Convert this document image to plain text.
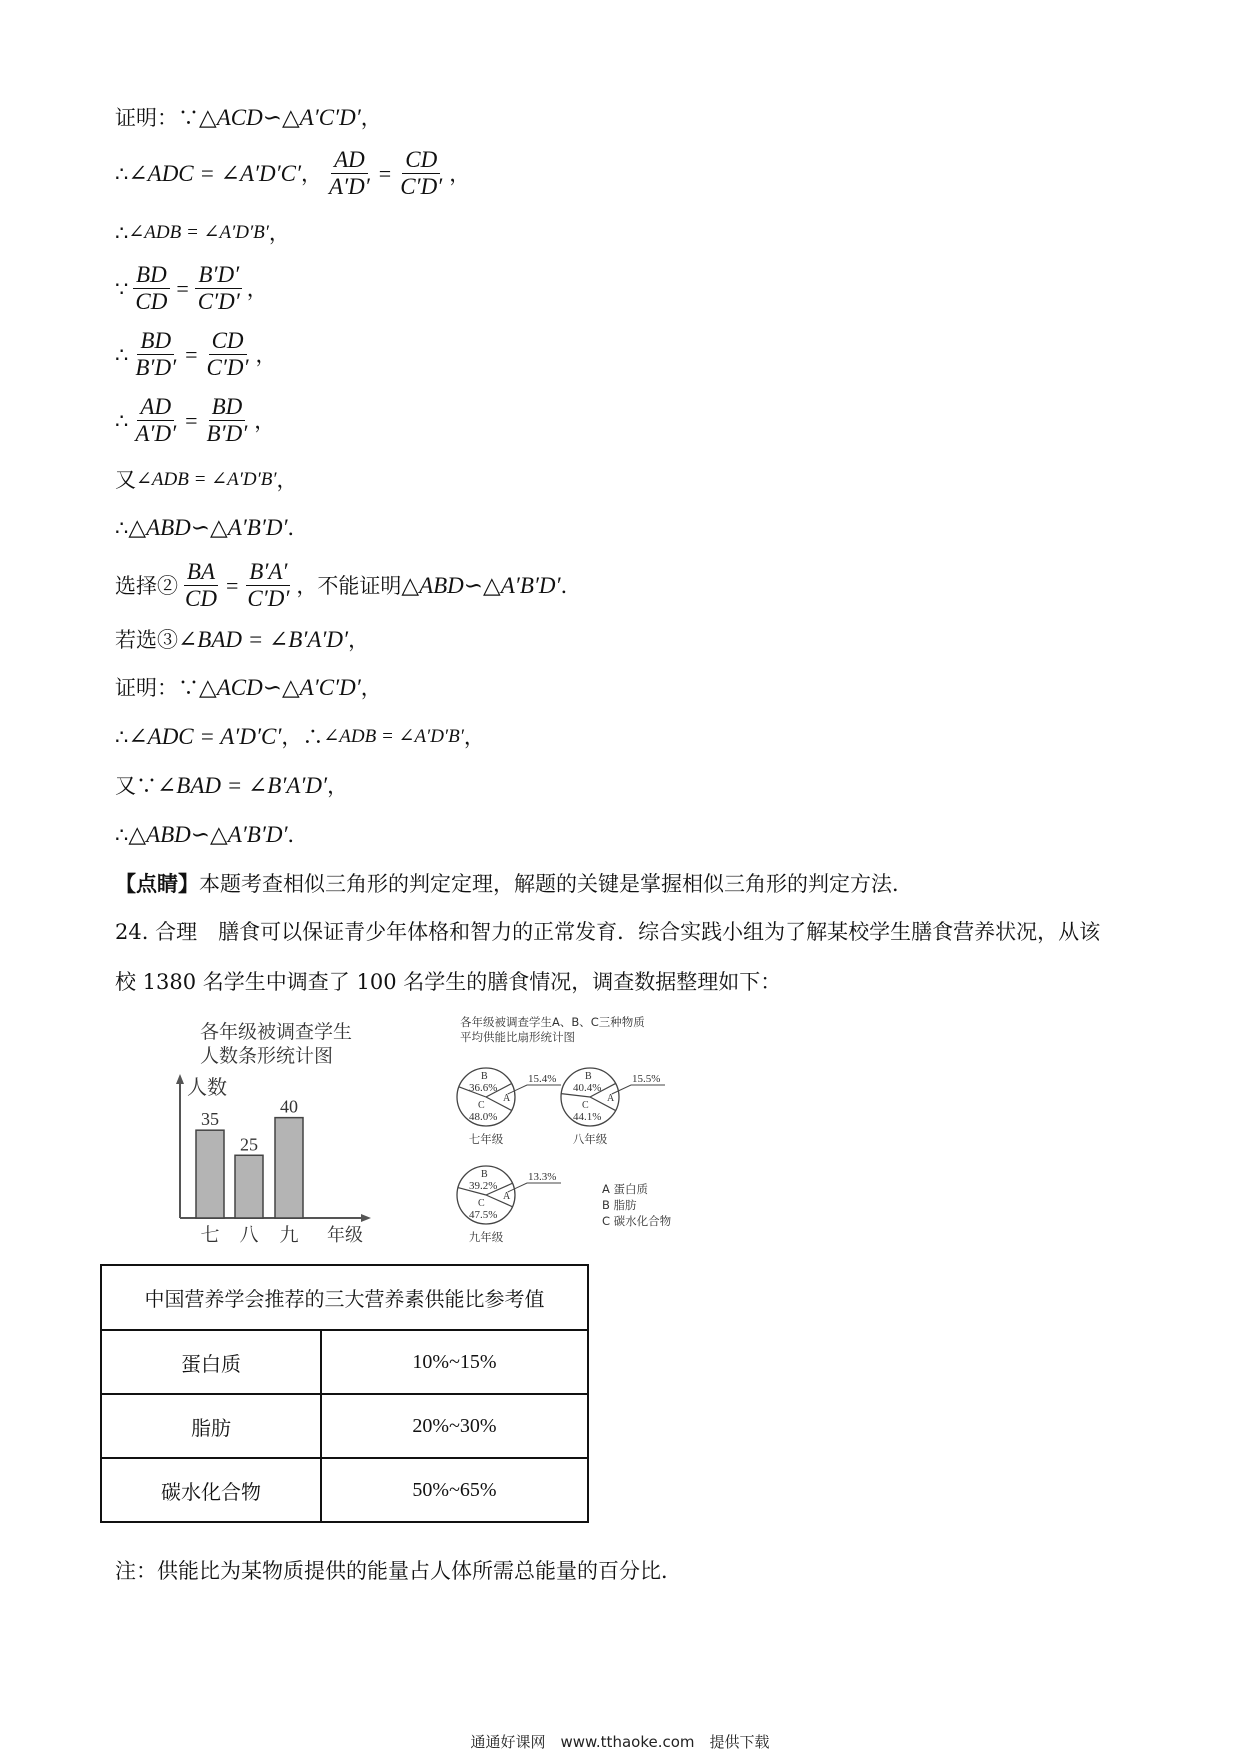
证明：∵ △ACD∽△A′C′D′ ，
∴ ∠ADC = ∠A′D′C′ ， $\frac{AD}{A'D'} = \frac{CD}{C'D'}$ ，
∴ ∠ADB = ∠A′D′B′ ，
∵ $\frac{BD}{CD} = \frac{B'D'}{C'D'}$ ，
∴ $\frac{BD}{B'D'} = \frac{CD}{C'D'}$ ，
∴ $\frac{AD}{A'D'} = \frac{BD}{B'D'}$ ，
又 ∠ADB = ∠A′D′B′ ，
∴ △ABD∽△A′B′D′ ．
选择② $\frac{BA}{CD} = \frac{B'A'}{C'D'}$ ，不能证明 △ABD∽△A′B′D′ ．
若选③ ∠BAD = ∠B′A′D′ ，
证明：∵ △ACD∽△A′C′D′ ，
∴ ∠ADC = A′D′C′ ，∴ ∠ADB = ∠A′D′B′ ，
又∵ ∠BAD = ∠B′A′D′ ，
∴ △ABD∽△A′B′D′ ．
【点睛】本题考查相似三角形的判定定理，解题的关键是掌握相似三角形的判定方法．
24. 合理　膳食可以保证青少年体格和智力的正常发育．综合实践小组为了解某校学生膳食营养状况，从该
校 1380 名学生中调查了 100 名学生的膳食情况，调查数据整理如下：
各年级被调查学生
人数条形统计图
人数
35
七
25
八
40
九 年级
各年级被调查学生A、B、C三种物质
平均供能比扇形统计图
A
B
36.6%
C
48.0%
15.4%
七年级
A
B
40.4%
C
44.1%
15.5%
八年级
A
B
39.2%
C
47.5%
13.3%
九年级
A 蛋白质
B 脂肪
C 碳水化合物
中国营养学会推荐的三大营养素供能比参考值	
蛋白质	10%~15%
脂肪	20%~30%
碳水化合物	50%~65%
注：供能比为某物质提供的能量占人体所需总能量的百分比．
通通好课网　www.tthaoke.com　提供下载
